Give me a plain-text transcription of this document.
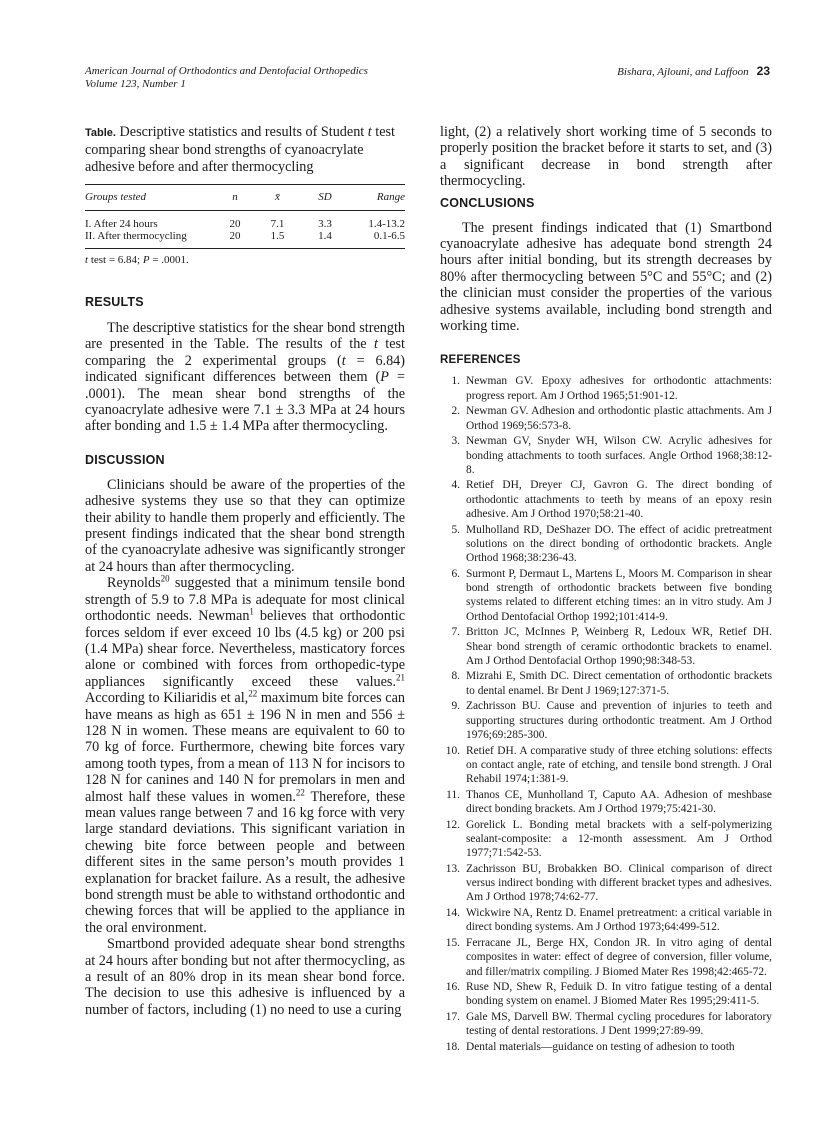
American Journal of Orthodontics and Dentofacial Orthopedics
Volume 123, Number 1
Bishara, Ajlouni, and Laffoon 23
Table. Descriptive statistics and results of Student t test comparing shear bond strengths of cyanoacrylate adhesive before and after thermocycling
Groups tested	n	x̄	SD	Range
I. After 24 hours	20	7.1	3.3	1.4-13.2
II. After thermocycling	20	1.5	1.4	0.1-6.5
t test = 6.84; P = .0001.
RESULTS

The descriptive statistics for the shear bond strength are presented in the Table. The results of the t test comparing the 2 experimental groups (t = 6.84) indicated significant differences between them (P = .0001). The mean shear bond strengths of the cyanoacrylate adhesive were 7.1 ± 3.3 MPa at 24 hours after bonding and 1.5 ± 1.4 MPa after thermocycling.

DISCUSSION

Clinicians should be aware of the properties of the adhesive systems they use so that they can optimize their ability to handle them properly and efficiently. The present findings indicated that the shear bond strength of the cyanoacrylate adhesive was significantly stronger at 24 hours than after thermocycling.

Reynolds$^{20}$ suggested that a minimum tensile bond strength of 5.9 to 7.8 MPa is adequate for most clinical orthodontic needs. Newman$^1$ believes that orthodontic forces seldom if ever exceed 10 lbs (4.5 kg) or 200 psi (1.4 MPa) shear force. Nevertheless, masticatory forces alone or combined with forces from orthopedic-type appliances significantly exceed these values.$^{21}$ According to Kiliaridis et al,$^{22}$ maximum bite forces can have means as high as 651 ± 196 N in men and 556 ± 128 N in women. These means are equivalent to 60 to 70 kg of force. Furthermore, chewing bite forces vary among tooth types, from a mean of 113 N for incisors to 128 N for canines and 140 N for premolars in men and almost half these values in women.$^{22}$ Therefore, these mean values range between 7 and 16 kg force with very large standard deviations. This significant variation in chewing bite force between people and between different sites in the same person’s mouth provides 1 explanation for bracket failure. As a result, the adhesive bond strength must be able to withstand orthodontic and chewing forces that will be applied to the appliance in the oral environment.

Smartbond provided adequate shear bond strengths at 24 hours after bonding but not after thermocycling, as a result of an 80% drop in its mean shear bond force. The decision to use this adhesive is influenced by a number of factors, including (1) no need to use a curing

light, (2) a relatively short working time of 5 seconds to properly position the bracket before it starts to set, and (3) a significant decrease in bond strength after thermocycling.

CONCLUSIONS

The present findings indicated that (1) Smartbond cyanoacrylate adhesive has adequate bond strength 24 hours after initial bonding, but its strength decreases by 80% after thermocycling between 5°C and 55°C; and (2) the clinician must consider the properties of the various adhesive systems available, including bond strength and working time.

REFERENCES
1. Newman GV. Epoxy adhesives for orthodontic attachments: progress report. Am J Orthod 1965;51:901-12.
2. Newman GV. Adhesion and orthodontic plastic attachments. Am J Orthod 1969;56:573-8.
3. Newman GV, Snyder WH, Wilson CW. Acrylic adhesives for bonding attachments to tooth surfaces. Angle Orthod 1968;38:12-8.
4. Retief DH, Dreyer CJ, Gavron G. The direct bonding of orthodontic attachments to teeth by means of an epoxy resin adhesive. Am J Orthod 1970;58:21-40.
5. Mulholland RD, DeShazer DO. The effect of acidic pretreatment solutions on the direct bonding of orthodontic brackets. Angle Orthod 1968;38:236-43.
6. Surmont P, Dermaut L, Martens L, Moors M. Comparison in shear bond strength of orthodontic brackets between five bonding systems related to different etching times: an in vitro study. Am J Orthod Dentofacial Orthop 1992;101:414-9.
7. Britton JC, McInnes P, Weinberg R, Ledoux WR, Retief DH. Shear bond strength of ceramic orthodontic brackets to enamel. Am J Orthod Dentofacial Orthop 1990;98:348-53.
8. Mizrahi E, Smith DC. Direct cementation of orthodontic brackets to dental enamel. Br Dent J 1969;127:371-5.
9. Zachrisson BU. Cause and prevention of injuries to teeth and supporting structures during orthodontic treatment. Am J Orthod 1976;69:285-300.
10. Retief DH. A comparative study of three etching solutions: effects on contact angle, rate of etching, and tensile bond strength. J Oral Rehabil 1974;1:381-9.
11. Thanos CE, Munholland T, Caputo AA. Adhesion of meshbase direct bonding brackets. Am J Orthod 1979;75:421-30.
12. Gorelick L. Bonding metal brackets with a self-polymerizing sealant-composite: a 12-month assessment. Am J Orthod 1977;71:542-53.
13. Zachrisson BU, Brobakken BO. Clinical comparison of direct versus indirect bonding with different bracket types and adhesives. Am J Orthod 1978;74:62-77.
14. Wickwire NA, Rentz D. Enamel pretreatment: a critical variable in direct bonding systems. Am J Orthod 1973;64:499-512.
15. Ferracane JL, Berge HX, Condon JR. In vitro aging of dental composites in water: effect of degree of conversion, filler volume, and filler/matrix compiling. J Biomed Mater Res 1998;42:465-72.
16. Ruse ND, Shew R, Feduik D. In vitro fatigue testing of a dental bonding system on enamel. J Biomed Mater Res 1995;29:411-5.
17. Gale MS, Darvell BW. Thermal cycling procedures for laboratory testing of dental restorations. J Dent 1999;27:89-99.
18. Dental materials—guidance on testing of adhesion to tooth
